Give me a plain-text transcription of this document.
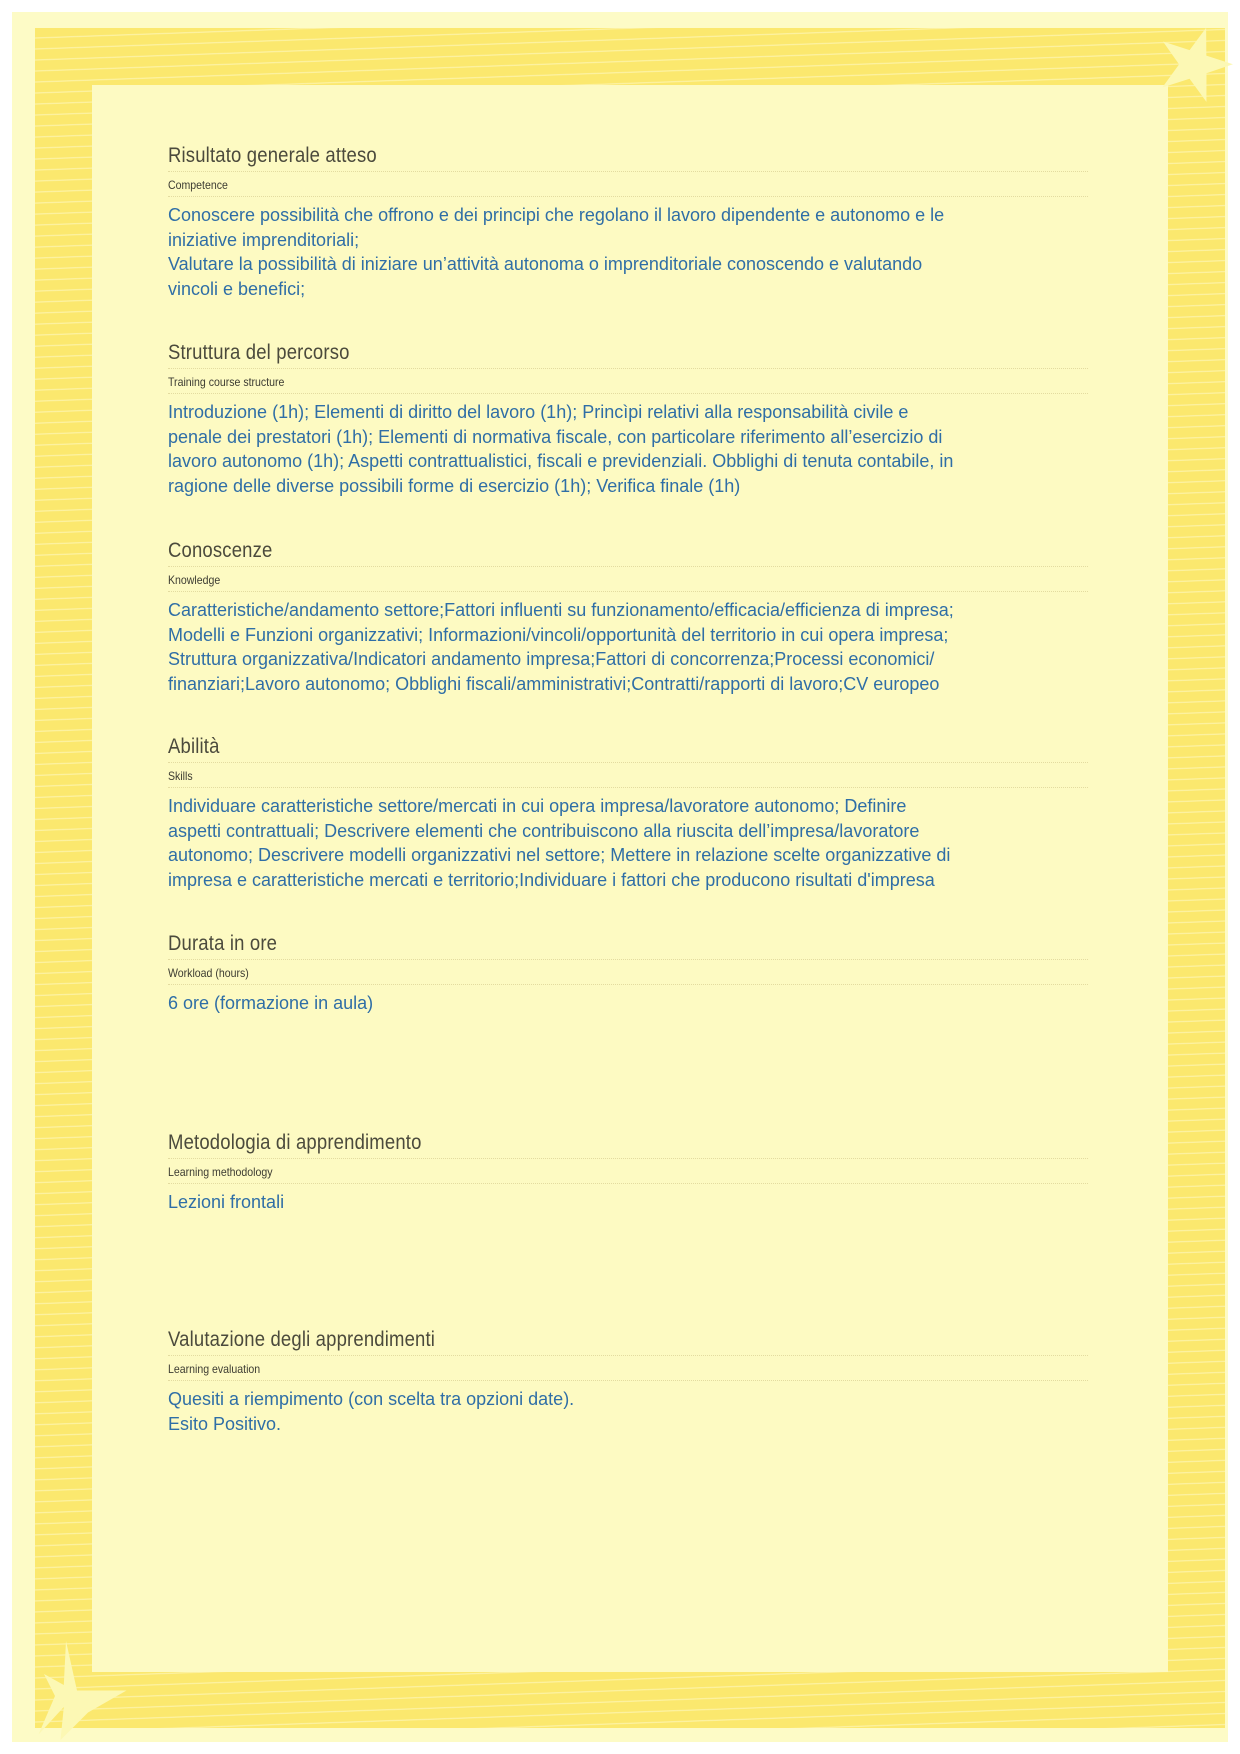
Risultato generale atteso
Competence
Conoscere possibilità che offrono e dei principi che regolano il lavoro dipendente e autonomo e le
iniziative imprenditoriali;
Valutare la possibilità di iniziare un’attività autonoma o imprenditoriale conoscendo e valutando
vincoli e benefici;
Struttura del percorso
Training course structure
Introduzione (1h); Elementi di diritto del lavoro (1h); Princìpi relativi alla responsabilità civile e
penale dei prestatori (1h); Elementi di normativa fiscale, con particolare riferimento all’esercizio di
lavoro autonomo (1h); Aspetti contrattualistici, fiscali e previdenziali. Obblighi di tenuta contabile, in
ragione delle diverse possibili forme di esercizio (1h); Verifica finale (1h)
Conoscenze
Knowledge
Caratteristiche/andamento settore;Fattori influenti su funzionamento/efficacia/efficienza di impresa;
Modelli e Funzioni organizzativi; Informazioni/vincoli/opportunità del territorio in cui opera impresa;
Struttura organizzativa/Indicatori andamento impresa;Fattori di concorrenza;Processi economici/
finanziari;Lavoro autonomo; Obblighi fiscali/amministrativi;Contratti/rapporti di lavoro;CV europeo
Abilità
Skills
Individuare caratteristiche settore/mercati in cui opera impresa/lavoratore autonomo; Definire
aspetti contrattuali; Descrivere elementi che contribuiscono alla riuscita dell’impresa/lavoratore
autonomo; Descrivere modelli organizzativi nel settore; Mettere in relazione scelte organizzative di
impresa e caratteristiche mercati e territorio;Individuare i fattori che producono risultati d'impresa
Durata in ore
Workload (hours)
6 ore (formazione in aula)
Metodologia di apprendimento
Learning methodology
Lezioni frontali
Valutazione degli apprendimenti
Learning evaluation
Quesiti a riempimento (con scelta tra opzioni date).
Esito Positivo.
